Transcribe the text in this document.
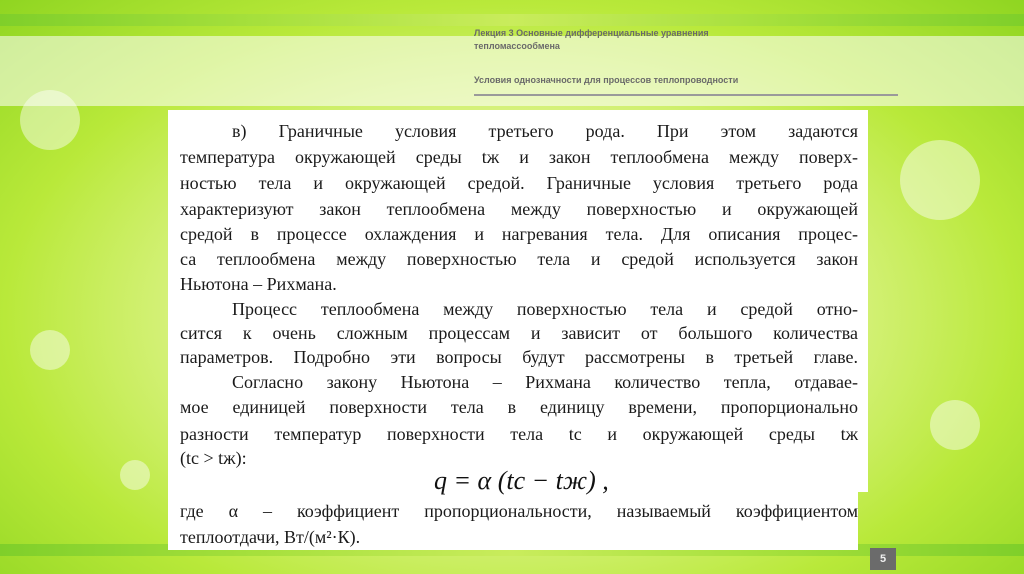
Лекция 3 Основные дифференциальные уравнения
тепломассообмена
Условия однозначности для процессов теплопроводности
в) Граничные условия третьего рода. При этом задаются
температура окружающей среды tж и закон теплообмена между поверх-
ностью тела и окружающей средой. Граничные условия третьего рода
характеризуют закон теплообмена между поверхностью и окружающей
средой в процессе охлаждения и нагревания тела. Для описания процес-
са теплообмена между поверхностью тела и средой используется закон
Ньютона – Рихмана.
Процесс теплообмена между поверхностью тела и средой отно-
сится к очень сложным процессам и зависит от большого количества
параметров. Подробно эти вопросы будут рассмотрены в третьей главе.
Согласно закону Ньютона – Рихмана количество тепла, отдавае-
мое единицей поверхности тела в единицу времени, пропорционально
разности температур поверхности тела tс и окружающей среды tж
(tс > tж):
q = α (tс − tж) ,
где α – коэффициент пропорциональности, называемый коэффициентом
теплоотдачи, Вт/(м²·К).
5
